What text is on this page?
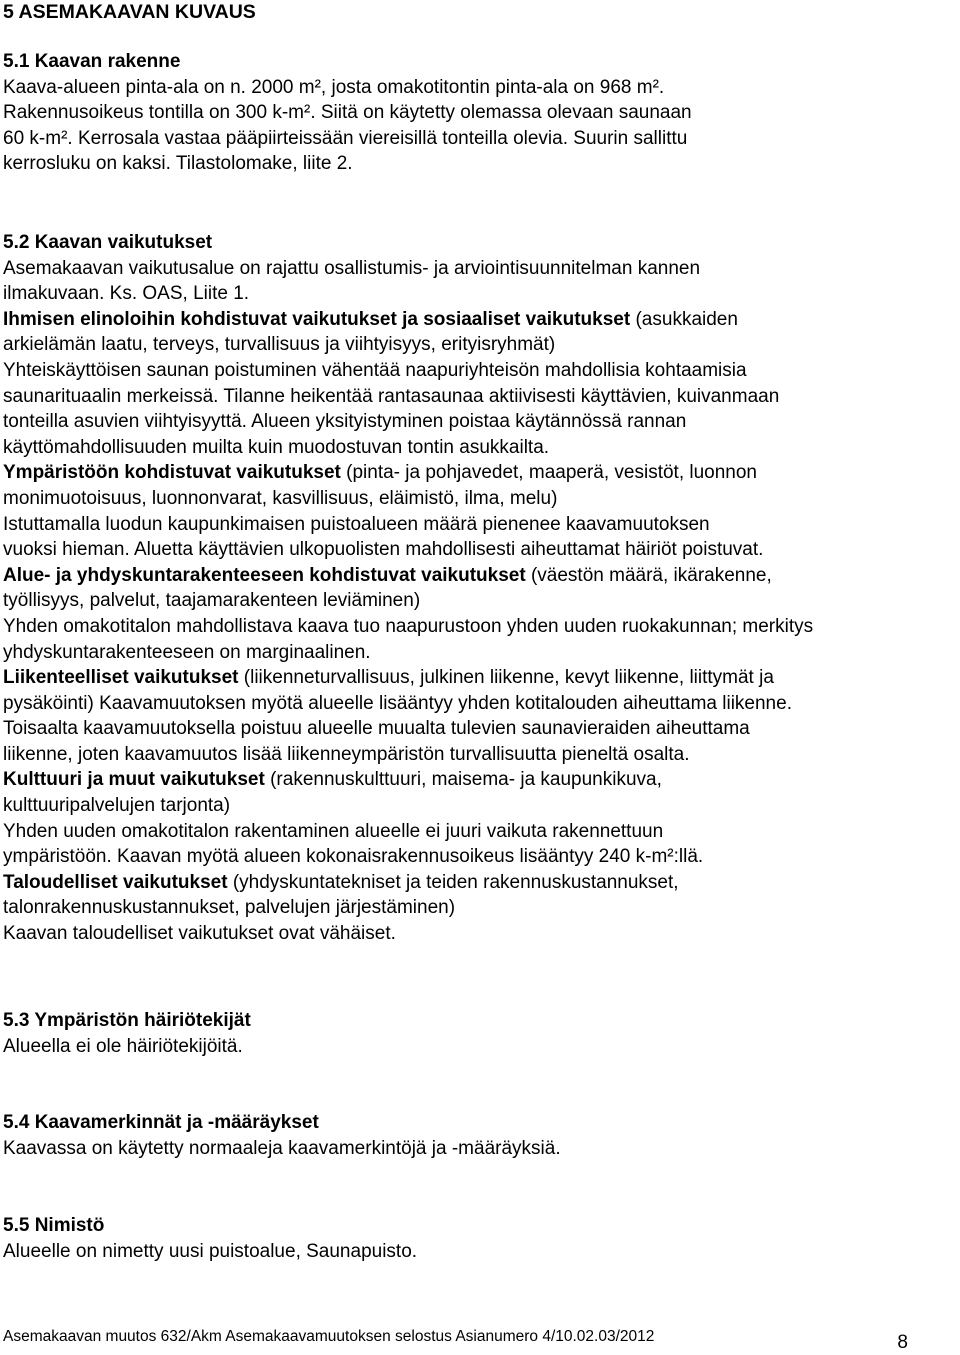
5 ASEMAKAAVAN KUVAUS

5.1 Kaavan rakenne

Kaava-alueen pinta-ala on n. 2000 m², josta omakotitontin pinta-ala on 968 m².

Rakennusoikeus tontilla on 300 k-m². Siitä on käytetty olemassa olevaan saunaan

60 k-m². Kerrosala vastaa pääpiirteissään viereisillä tonteilla olevia. Suurin sallittu

kerrosluku on kaksi. Tilastolomake, liite 2.

5.2 Kaavan vaikutukset

Asemakaavan vaikutusalue on rajattu osallistumis- ja arviointisuunnitelman kannen

ilmakuvaan. Ks. OAS, Liite 1.

Ihmisen elinoloihin kohdistuvat vaikutukset ja sosiaaliset vaikutukset (asukkaiden

arkielämän laatu, terveys, turvallisuus ja viihtyisyys, erityisryhmät)

Yhteiskäyttöisen saunan poistuminen vähentää naapuriyhteisön mahdollisia kohtaamisia

saunarituaalin merkeissä. Tilanne heikentää rantasaunaa aktiivisesti käyttävien, kuivanmaan

tonteilla asuvien viihtyisyyttä. Alueen yksityistyminen poistaa käytännössä rannan

käyttömahdollisuuden muilta kuin muodostuvan tontin asukkailta.

Ympäristöön kohdistuvat vaikutukset (pinta- ja pohjavedet, maaperä, vesistöt, luonnon

monimuotoisuus, luonnonvarat, kasvillisuus, eläimistö, ilma, melu)

Istuttamalla luodun kaupunkimaisen puistoalueen määrä pienenee kaavamuutoksen

vuoksi hieman. Aluetta käyttävien ulkopuolisten mahdollisesti aiheuttamat häiriöt poistuvat.

Alue- ja yhdyskuntarakenteeseen kohdistuvat vaikutukset (väestön määrä, ikärakenne,

työllisyys, palvelut, taajamarakenteen leviäminen)

Yhden omakotitalon mahdollistava kaava tuo naapurustoon yhden uuden ruokakunnan; merkitys

yhdyskuntarakenteeseen on marginaalinen.

Liikenteelliset vaikutukset (liikenneturvallisuus, julkinen liikenne, kevyt liikenne, liittymät ja

pysäköinti) Kaavamuutoksen myötä alueelle lisääntyy yhden kotitalouden aiheuttama liikenne.

Toisaalta kaavamuutoksella poistuu alueelle muualta tulevien saunavieraiden aiheuttama

liikenne, joten kaavamuutos lisää liikenneympäristön turvallisuutta pieneltä osalta.

Kulttuuri ja muut vaikutukset (rakennuskulttuuri, maisema- ja kaupunkikuva,

kulttuuripalvelujen tarjonta)

Yhden uuden omakotitalon rakentaminen alueelle ei juuri vaikuta rakennettuun

ympäristöön. Kaavan myötä alueen kokonaisrakennusoikeus lisääntyy 240 k-m²:llä.

Taloudelliset vaikutukset (yhdyskuntatekniset ja teiden rakennuskustannukset,

talonrakennuskustannukset, palvelujen järjestäminen)

Kaavan taloudelliset vaikutukset ovat vähäiset.

5.3 Ympäristön häiriötekijät

Alueella ei ole häiriötekijöitä.

5.4 Kaavamerkinnät ja -määräykset

Kaavassa on käytetty normaaleja kaavamerkintöjä ja -määräyksiä.

5.5 Nimistö

Alueelle on nimetty uusi puistoalue, Saunapuisto.

Asemakaavan muutos 632/Akm Asemakaavamuutoksen selostus Asianumero 4/10.02.03/2012	8
